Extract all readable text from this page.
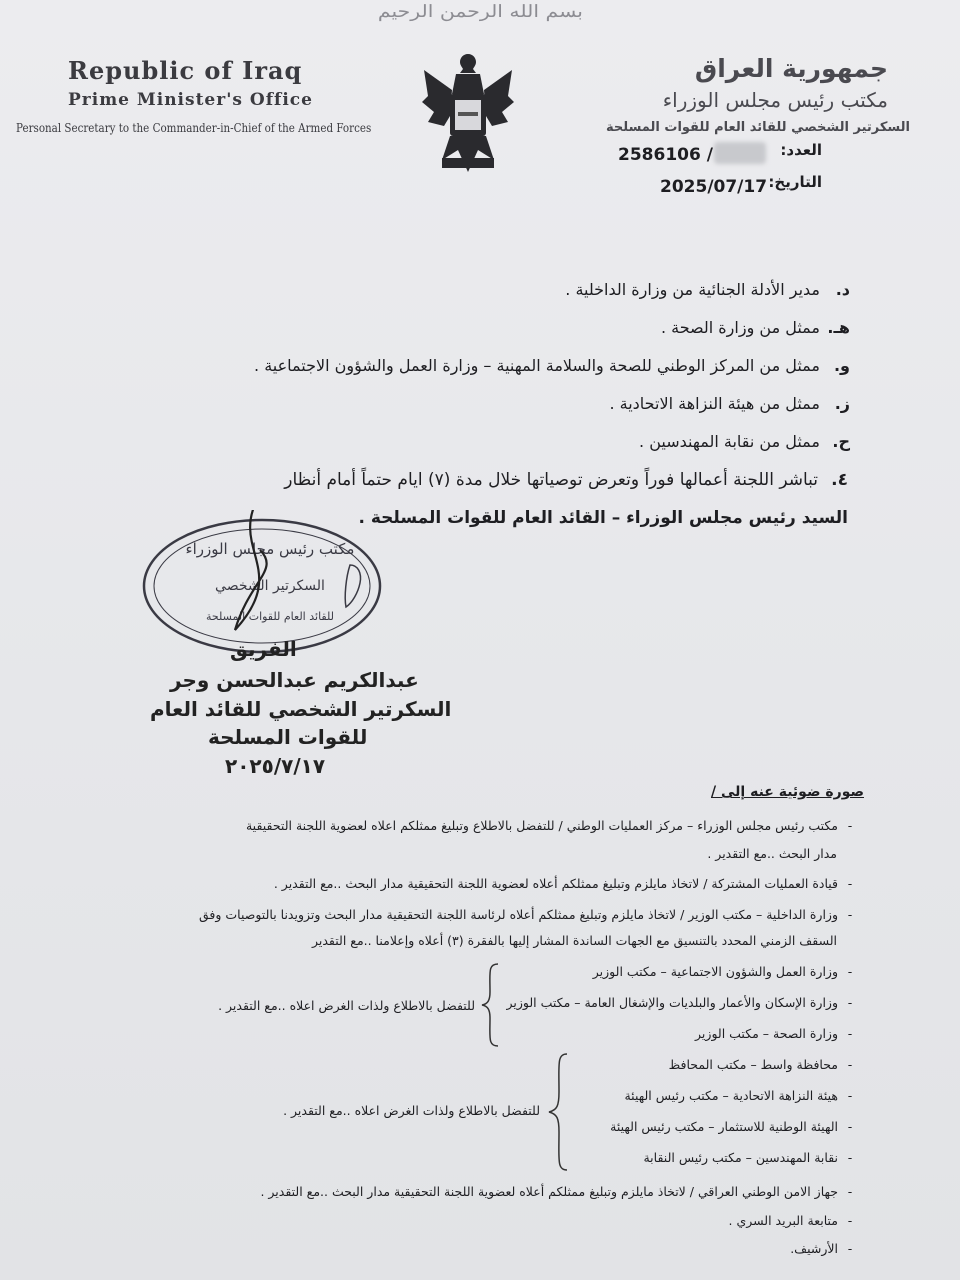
بسم الله الرحمن الرحيم
Republic of Iraq
Prime Minister's Office
Personal Secretary to the Commander-in-Chief of the Armed Forces
جمهورية العراق
مكتب رئيس مجلس الوزراء
السكرتير الشخصي للقائد العام للقوات المسلحة
العدد:
2586106 /
التاريخ:
2025/07/17
د.مدير الأدلة الجنائية من وزارة الداخلية .
هـ.ممثل من وزارة الصحة .
و.ممثل من المركز الوطني للصحة والسلامة المهنية – وزارة العمل والشؤون الاجتماعية .
ز.ممثل من هيئة النزاهة الاتحادية .
ح.ممثل من نقابة المهندسين .
٤.تباشر اللجنة أعمالها فوراً وتعرض توصياتها خلال مدة (٧) ايام حتماً أمام أنظار
السيد رئيس مجلس الوزراء – القائد العام للقوات المسلحة .
مكتب رئيس مجلس الوزراء
السكرتير الشخصي
للقائد العام للقوات المسلحة
الفريق
عبدالكريم عبدالحسن وجر
السكرتير الشخصي للقائد العام
للقوات المسلحة
٢٠٢٥/٧/١٧
صورة ضوئية عنه إلى /
-مكتب رئيس مجلس الوزراء – مركز العمليات الوطني / للتفضل بالاطلاع وتبليغ ممثلكم اعلاه لعضوية اللجنة التحقيقية
مدار البحث ..مع التقدير .
-قيادة العمليات المشتركة / لاتخاذ مايلزم وتبليغ ممثلكم أعلاه لعضوية اللجنة التحقيقية مدار البحث ..مع التقدير .
-وزارة الداخلية – مكتب الوزير / لاتخاذ مايلزم وتبليغ ممثلكم أعلاه لرئاسة اللجنة التحقيقية مدار البحث وتزويدنا بالتوصيات وفق
السقف الزمني المحدد بالتنسيق مع الجهات الساندة المشار إليها بالفقرة (٣) أعلاه وإعلامنا ..مع التقدير
-وزارة العمل والشؤون الاجتماعية – مكتب الوزير
-وزارة الإسكان والأعمار والبلديات والإشغال العامة – مكتب الوزير
-وزارة الصحة – مكتب الوزير
للتفضل بالاطلاع ولذات الغرض اعلاه ..مع التقدير .
-محافظة واسط – مكتب المحافظ
-هيئة النزاهة الاتحادية – مكتب رئيس الهيئة
-الهيئة الوطنية للاستثمار – مكتب رئيس الهيئة
-نقابة المهندسين – مكتب رئيس النقابة
للتفضل بالاطلاع ولذات الغرض اعلاه ..مع التقدير .
-جهاز الامن الوطني العراقي / لاتخاذ مايلزم وتبليغ ممثلكم أعلاه لعضوية اللجنة التحقيقية مدار البحث ..مع التقدير .
-متابعة البريد السري .
-الأرشيف.
